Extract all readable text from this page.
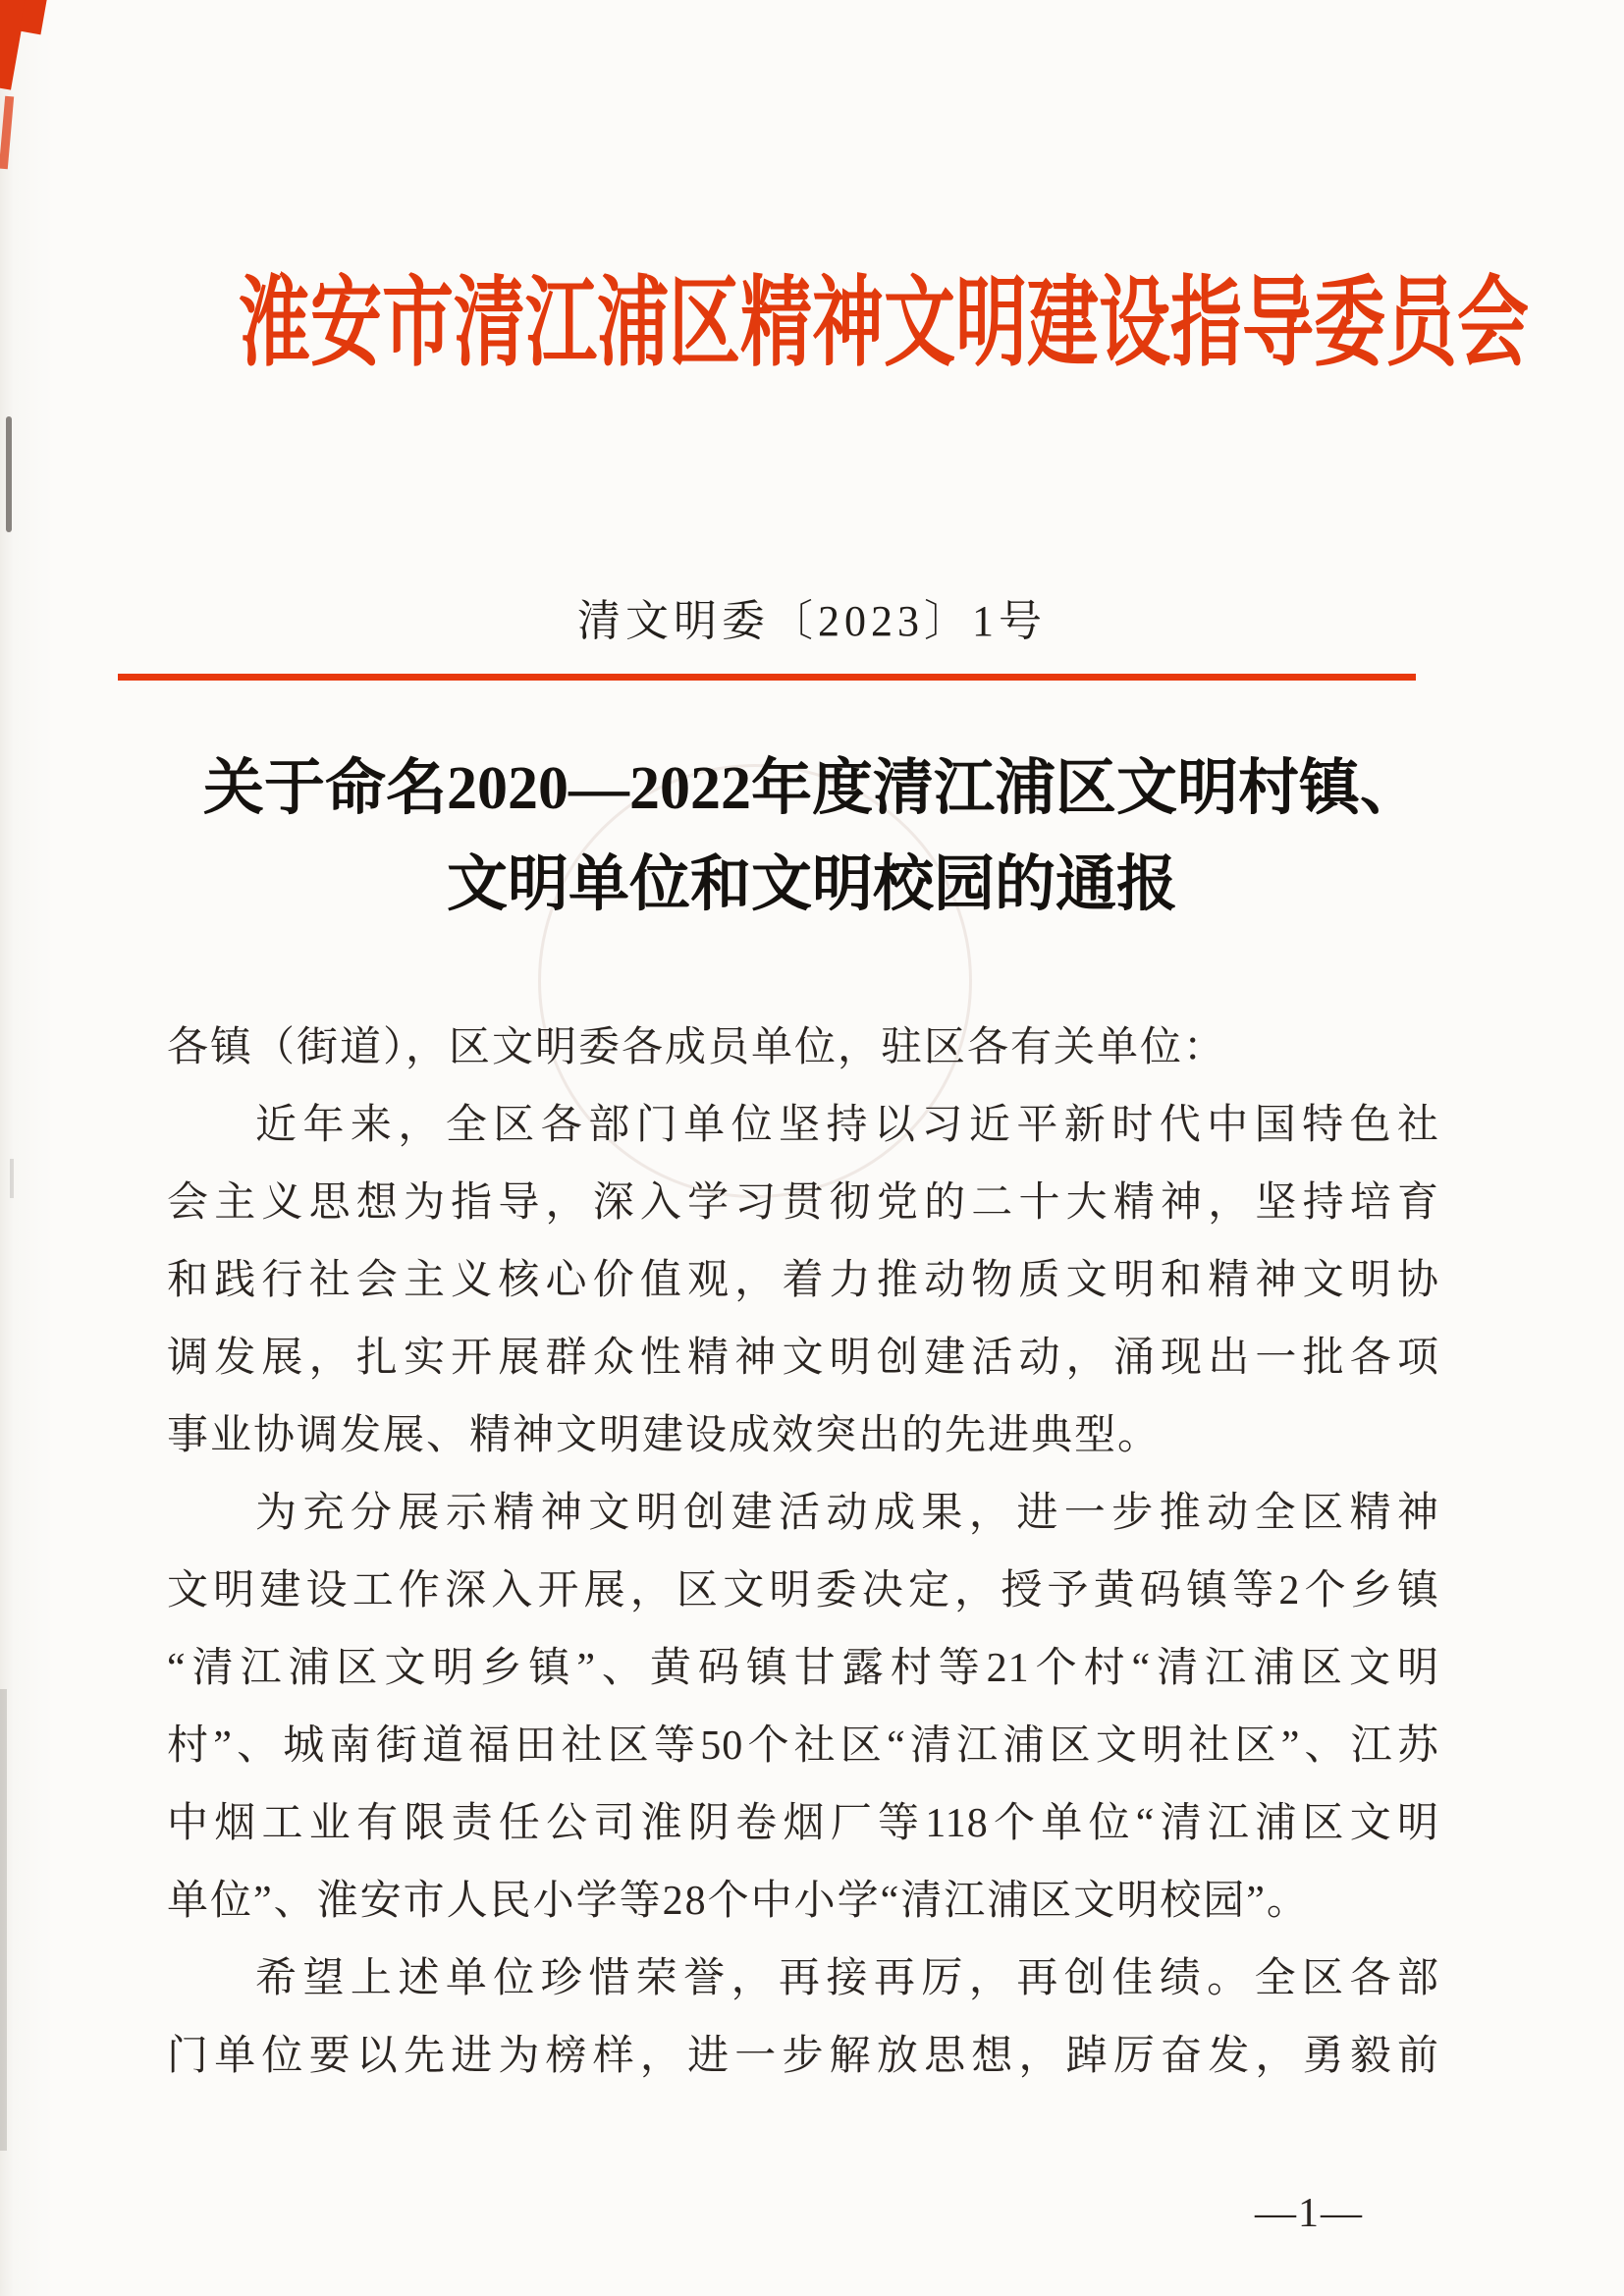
淮安市清江浦区精神文明建设指导委员会
清文明委〔2023〕1号
关于命名2020—2022年度清江浦区文明村镇、
文明单位和文明校园的通报
各镇（街道），区文明委各成员单位，驻区各有关单位：
近年来，全区各部门单位坚持以习近平新时代中国特色社
会主义思想为指导，深入学习贯彻党的二十大精神，坚持培育
和践行社会主义核心价值观，着力推动物质文明和精神文明协
调发展，扎实开展群众性精神文明创建活动，涌现出一批各项
事业协调发展、精神文明建设成效突出的先进典型。
为充分展示精神文明创建活动成果，进一步推动全区精神
文明建设工作深入开展，区文明委决定，授予黄码镇等2个乡镇
“清江浦区文明乡镇”、黄码镇甘露村等21个村“清江浦区文明
村”、城南街道福田社区等50个社区“清江浦区文明社区”、江苏
中烟工业有限责任公司淮阴卷烟厂等118个单位“清江浦区文明
单位”、淮安市人民小学等28个中小学“清江浦区文明校园”。
希望上述单位珍惜荣誉，再接再厉，再创佳绩。全区各部
门单位要以先进为榜样，进一步解放思想，踔厉奋发，勇毅前
—1—
